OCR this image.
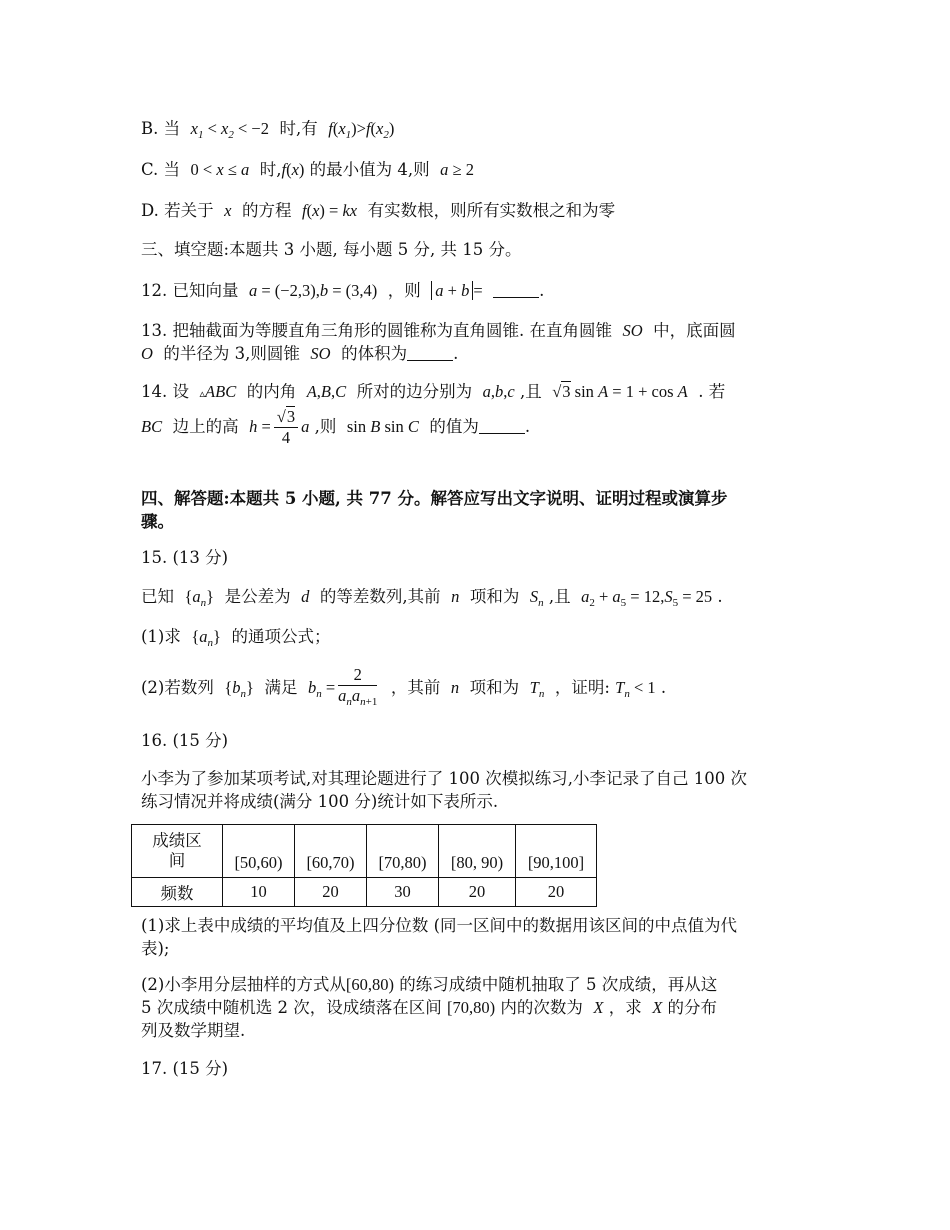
B. 当 $x_1 < x_2 < -2$ 时,有 $f(x_1)>f(x_2)$
C. 当 0 < x ≤ a 时,f(x) 的最小值为 4,则 a ≥ 2
D. 若关于 x 的方程 f(x) = kx 有实数根，则所有实数根之和为零
三、填空题:本题共 3 小题, 每小题 5 分, 共 15 分。
12. 已知向量 a = (−2,3),b = (3,4) ，则 a + b =	.
13. 把轴截面为等腰直角三角形的圆锥称为直角圆锥. 在直角圆锥 SO 中，底面圆
O 的半径为 3,则圆锥 SO 的体积为	.
14. 设 ▵ABC 的内角 A,B,C 所对的边分别为 a,b,c ,且 √3 sin A = 1 + cos A . 若
BC 边上的高 $h = \frac{√3}{4}$ a ,则 sin B sin C 的值为	.
四、解答题:本题共 5 小题, 共 77 分。解答应写出文字说明、证明过程或演算步
骤。
15. (13 分)
已知 $\{a_n\}$ 是公差为 d 的等差数列,其前 n 项和为 $S_n$ ,且 $a_2 + a_5 = 12,S_5 = 25$ .
(1)求 $\{a_n\}$ 的通项公式；
(2)若数列 $\{b_n\}$ 满足 $b_n = \frac{2}{a_na_{n+1}}$ ，其前 n 项和为 $T_n$ ，证明: $T_n < 1$ .
16. (15 分)
小李为了参加某项考试,对其理论题进行了 100 次模拟练习,小李记录了自己 100 次
练习情况并将成绩(满分 100 分)统计如下表所示.
成绩区
间	[50,60)	[60,70)	[70,80)	[80, 90)	[90,100]
频数	10	20	30	20	20
(1)求上表中成绩的平均值及上四分位数 (同一区间中的数据用该区间的中点值为代
表);
(2)小李用分层抽样的方式从[60,80) 的练习成绩中随机抽取了 5 次成绩，再从这
5 次成绩中随机选 2 次，设成绩落在区间 [70,80) 内的次数为 X ，求 X 的分布
列及数学期望.
17. (15 分)
